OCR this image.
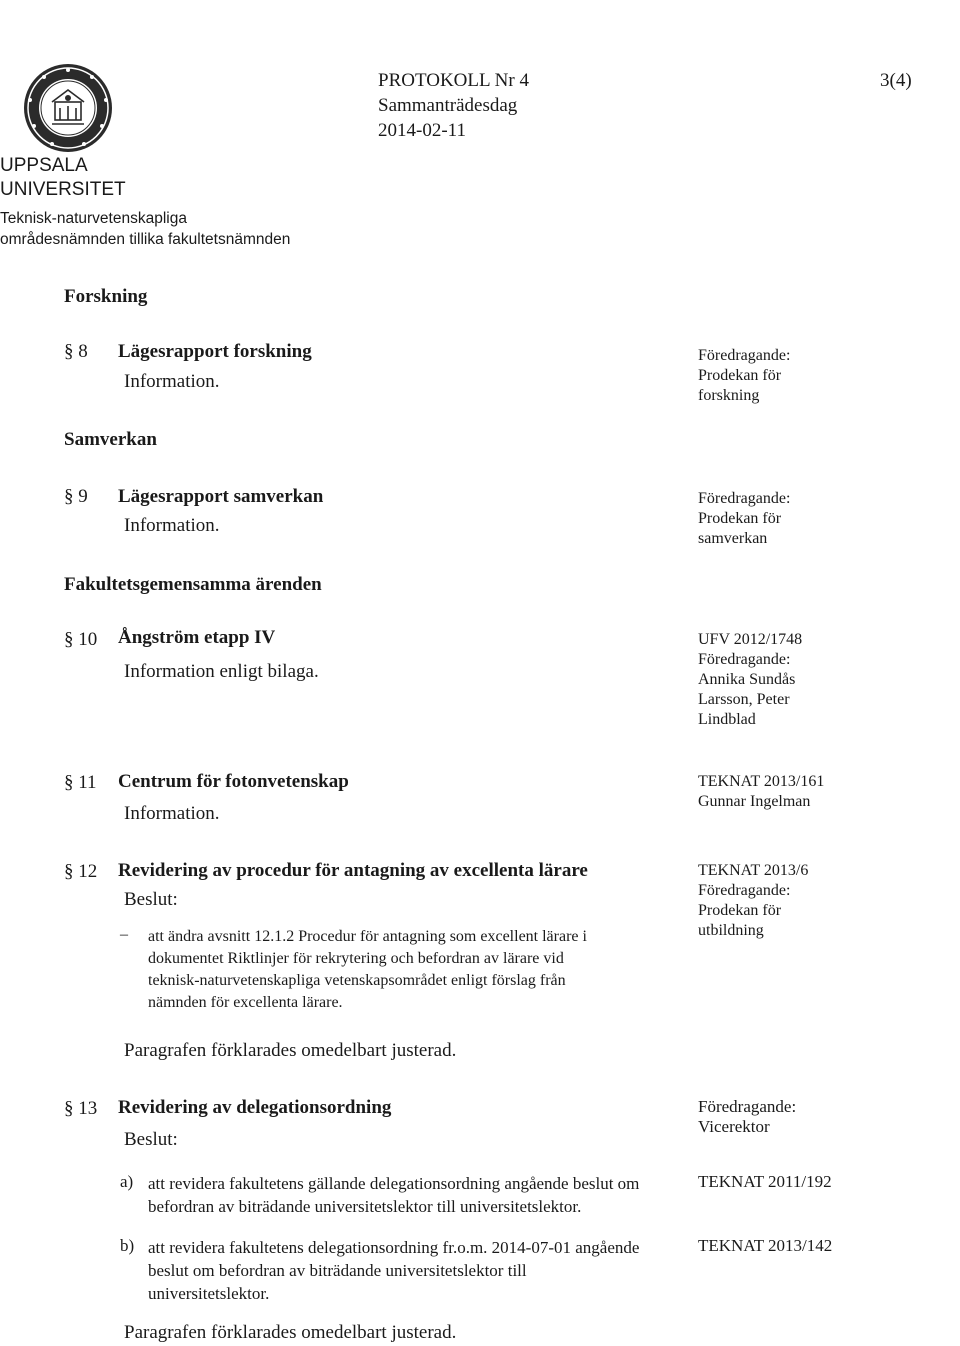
UPPSALA
UNIVERSITET
Teknisk-naturvetenskapliga
områdesnämnden tillika fakultetsnämnden
PROTOKOLL Nr 4
Sammanträdesdag
2014-02-11
3(4)
Forskning
§ 8 Lägesrapport forskning
Information.
Föredragande:
Prodekan för
forskning
Samverkan
§ 9 Lägesrapport samverkan
Information.
Föredragande:
Prodekan för
samverkan
Fakultetsgemensamma ärenden
§ 10 Ångström etapp IV
Information enligt bilaga.
UFV 2012/1748
Föredragande:
Annika Sundås
Larsson, Peter
Lindblad
§ 11 Centrum för fotonvetenskap
Information.
TEKNAT 2013/161
Gunnar Ingelman
§ 12 Revidering av procedur för antagning av excellenta lärare
Beslut:
TEKNAT 2013/6
Föredragande:
Prodekan för
utbildning
– att ändra avsnitt 12.1.2 Procedur för antagning som excellent lärare i
dokumentet Riktlinjer för rekrytering och befordran av lärare vid
teknisk-naturvetenskapliga vetenskapsområdet enligt förslag från
nämnden för excellenta lärare.
Paragrafen förklarades omedelbart justerad.
§ 13 Revidering av delegationsordning
Beslut:
Föredragande:
Vicerektor
a) att revidera fakultetens gällande delegationsordning angående beslut om
befordran av biträdande universitetslektor till universitetslektor.
TEKNAT 2011/192
b) att revidera fakultetens delegationsordning fr.o.m. 2014-07-01 angående
beslut om befordran av biträdande universitetslektor till
universitetslektor.
TEKNAT 2013/142
Paragrafen förklarades omedelbart justerad.
